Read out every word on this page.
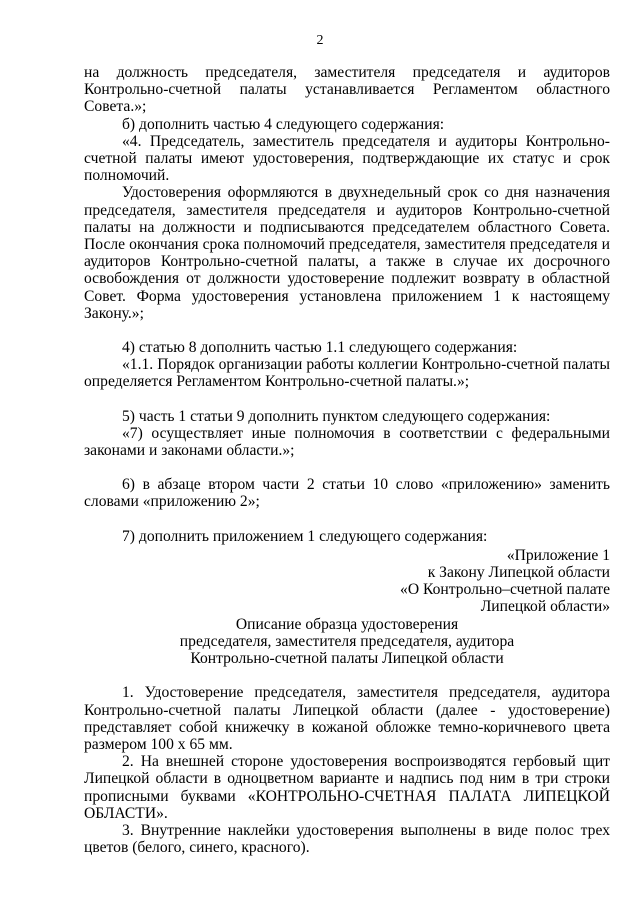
2

на должность председателя, заместителя председателя и аудиторов Контрольно-счетной палаты устанавливается Регламентом областного Совета.»;

б) дополнить частью 4 следующего содержания:

«4. Председатель, заместитель председателя и аудиторы Контрольно-счетной палаты имеют удостоверения, подтверждающие их статус и срок полномочий.

Удостоверения оформляются в двухнедельный срок со дня назначения председателя, заместителя председателя и аудиторов Контрольно-счетной палаты на должности и подписываются председателем областного Совета. После окончания срока полномочий председателя, заместителя председателя и аудиторов Контрольно-счетной палаты, а также в случае их досрочного освобождения от должности удостоверение подлежит возврату в областной Совет. Форма удостоверения установлена приложением 1 к настоящему Закону.»;

4) статью 8 дополнить частью 1.1 следующего содержания:

«1.1. Порядок организации работы коллегии Контрольно-счетной палаты определяется Регламентом Контрольно-счетной палаты.»;

5) часть 1 статьи 9 дополнить пунктом следующего содержания:

«7) осуществляет иные полномочия в соответствии с федеральными законами и законами области.»;

6) в абзаце втором части 2 статьи 10 слово «приложению» заменить словами «приложению 2»;

7) дополнить приложением 1 следующего содержания:

«Приложение 1
к Закону Липецкой области
«О Контрольно–счетной палате
Липецкой области»
Описание образца удостоверения
председателя, заместителя председателя, аудитора
Контрольно-счетной палаты Липецкой области

1. Удостоверение председателя, заместителя председателя, аудитора Контрольно-счетной палаты Липецкой области (далее - удостоверение) представляет собой книжечку в кожаной обложке темно-коричневого цвета размером 100 х 65 мм.

2. На внешней стороне удостоверения воспроизводятся гербовый щит Липецкой области в одноцветном варианте и надпись под ним в три строки прописными буквами «КОНТРОЛЬНО-СЧЕТНАЯ ПАЛАТА ЛИПЕЦКОЙ ОБЛАСТИ».

3. Внутренние наклейки удостоверения выполнены в виде полос трех цветов (белого, синего, красного).
